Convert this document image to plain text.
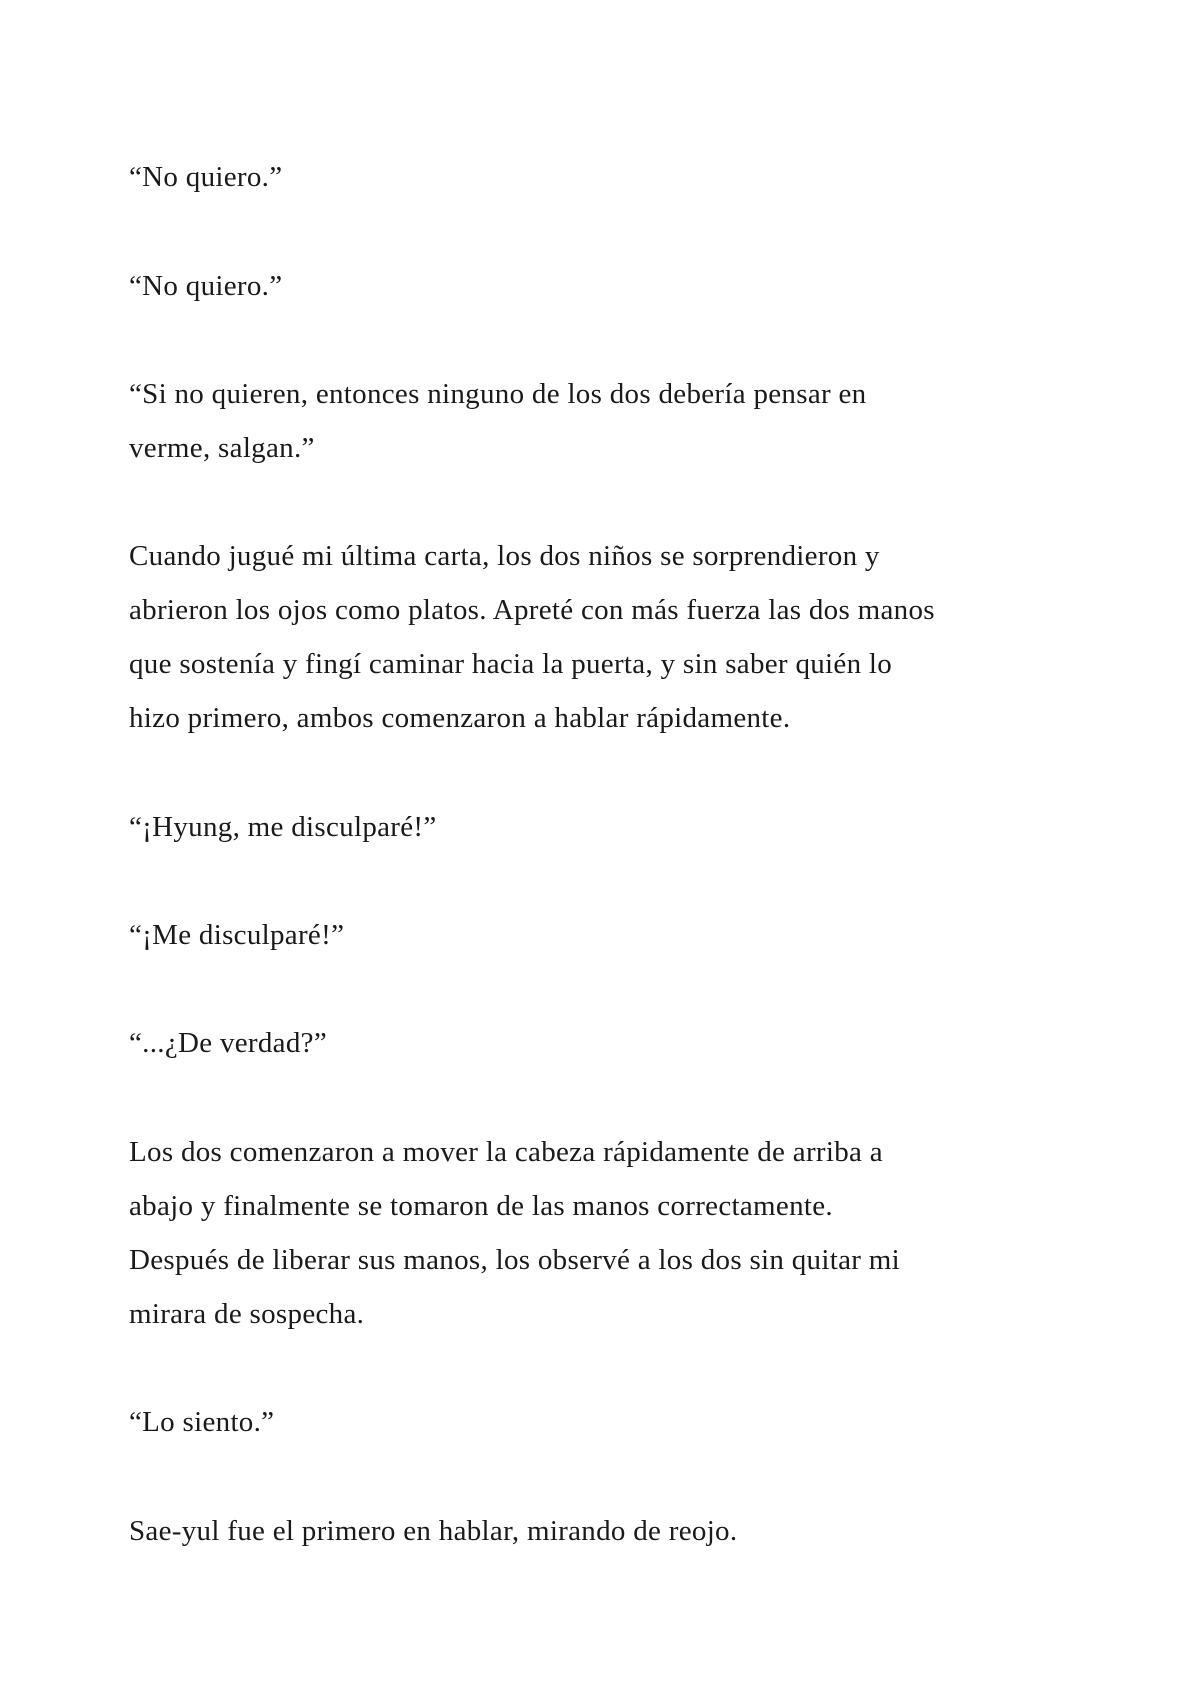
“No quiero.”

“No quiero.”

“Si no quieren, entonces ninguno de los dos debería pensar en
verme, salgan.”

Cuando jugué mi última carta, los dos niños se sorprendieron y
abrieron los ojos como platos. Apreté con más fuerza las dos manos
que sostenía y fingí caminar hacia la puerta, y sin saber quién lo
hizo primero, ambos comenzaron a hablar rápidamente.

“¡Hyung, me disculparé!”

“¡Me disculparé!”

“...¿De verdad?”

Los dos comenzaron a mover la cabeza rápidamente de arriba a
abajo y finalmente se tomaron de las manos correctamente.
Después de liberar sus manos, los observé a los dos sin quitar mi
mirara de sospecha.

“Lo siento.”

Sae-yul fue el primero en hablar, mirando de reojo.
